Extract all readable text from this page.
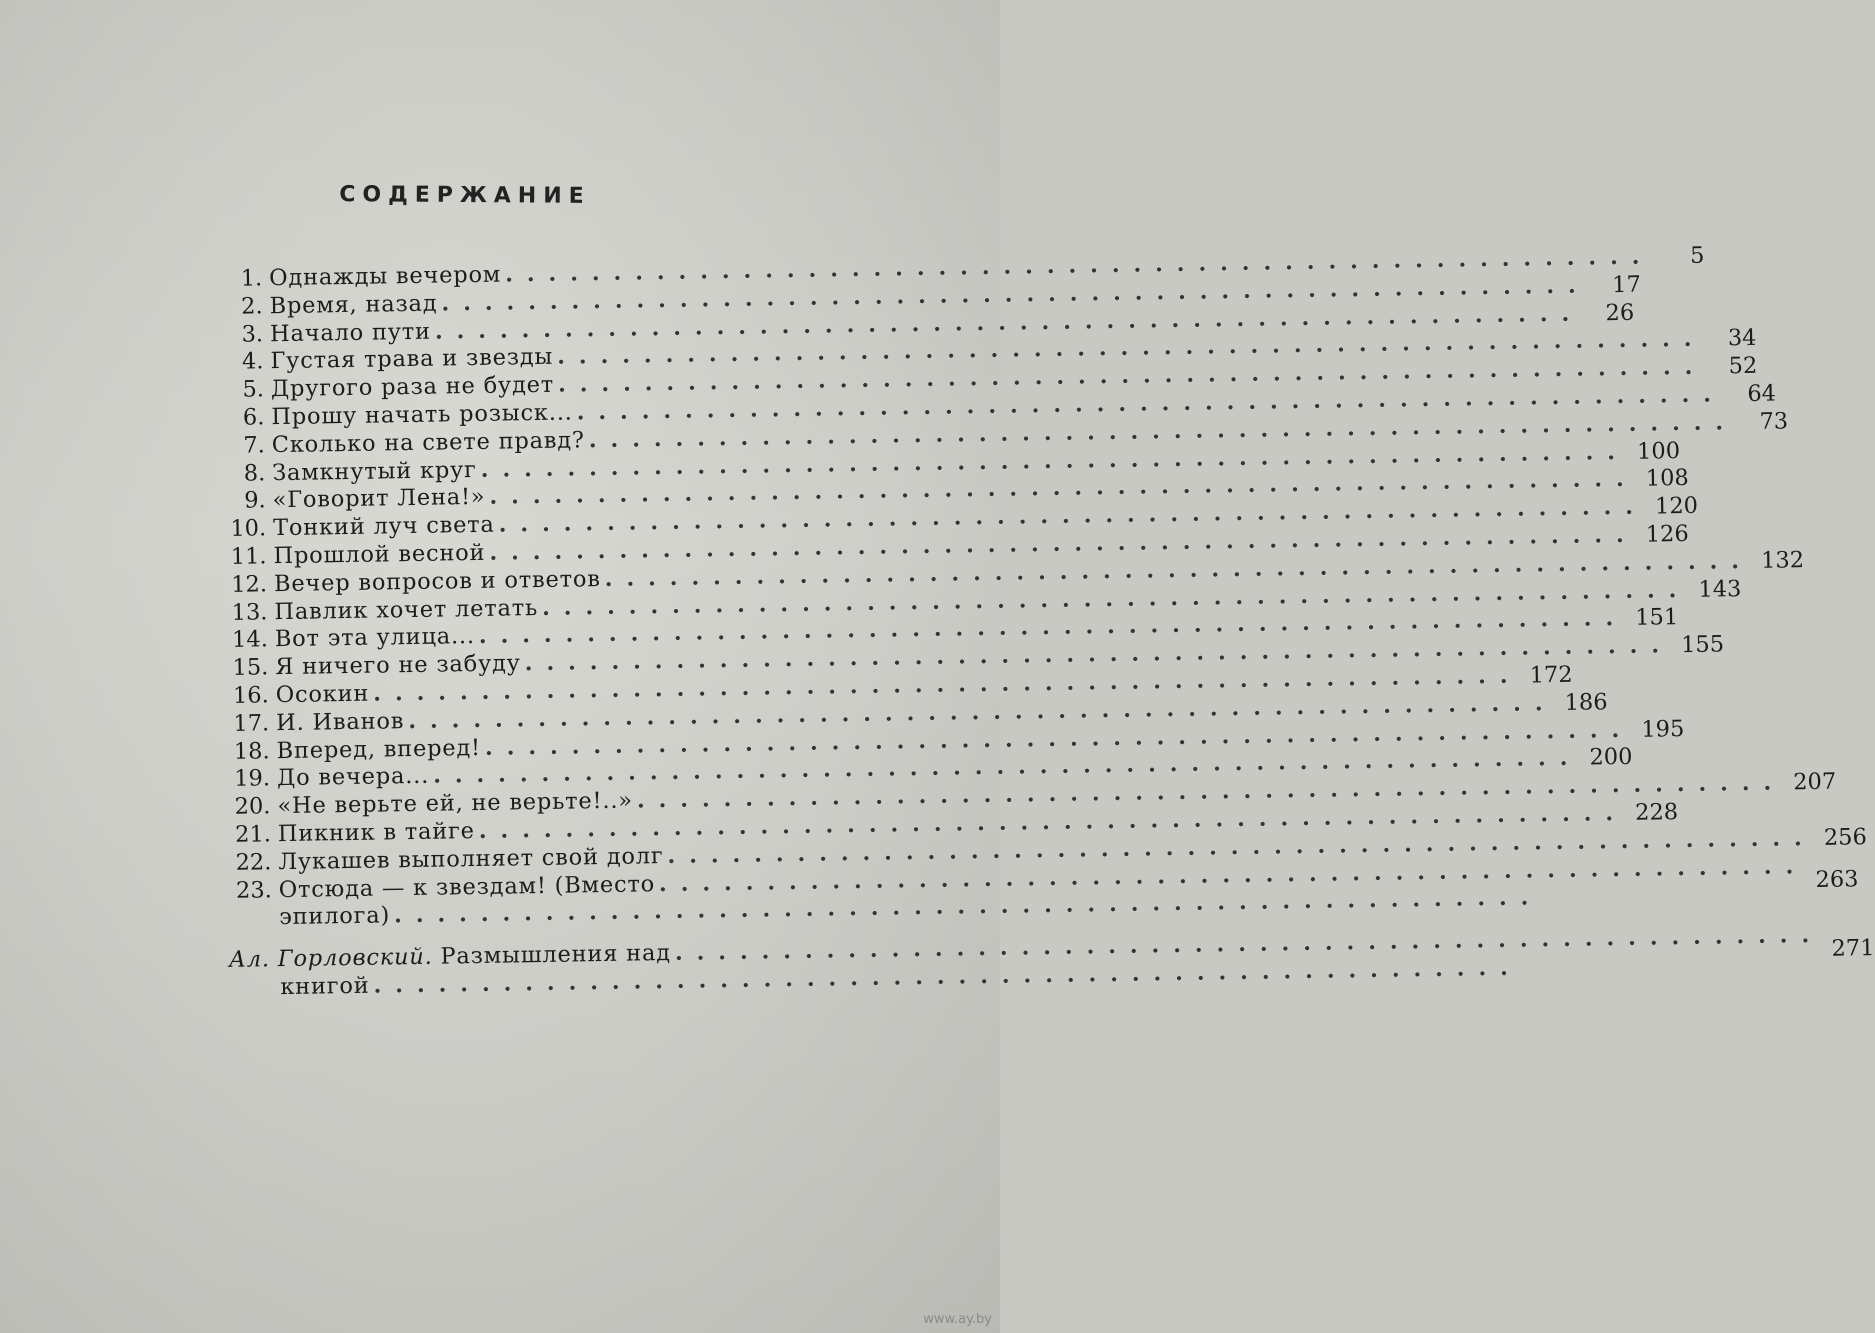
СОДЕРЖАНИЕ
1. Однажды вечером
. . .
5
2. Время, назад
. . .
17
3. Начало пути
. . .
26
4. Густая трава и звезды
. . .
34
5. Другого раза не будет
. . .
52
6. Прошу начать розыск...
. . .
64
7. Сколько на свете правд?
. . .
73
8. Замкнутый круг
. . .
100
9. «Говорит Лена!»
. . .
108
10. Тонкий луч света
. . .
120
11. Прошлой весной
. . .
126
12. Вечер вопросов и ответов
. . .
132
13. Павлик хочет летать
. . .
143
14. Вот эта улица...
. . .
151
15. Я ничего не забуду
. . .
155
16. Осокин
. . .
172
17. И. Иванов
. . .
186
18. Вперед, вперед!
. . .
195
19. До вечера...
. . .
200
20. «Не верьте ей, не верьте!..»
. . .
207
21. Пикник в тайге
. . .
228
22. Лукашев выполняет свой долг
. . .
256
23. Отсюда — к звездам! (Вместо
. . .
эпилога)
. . .
263
Ал. Горловский. Размышления над
. . .
книгой
. . .
271
www.ay.by
